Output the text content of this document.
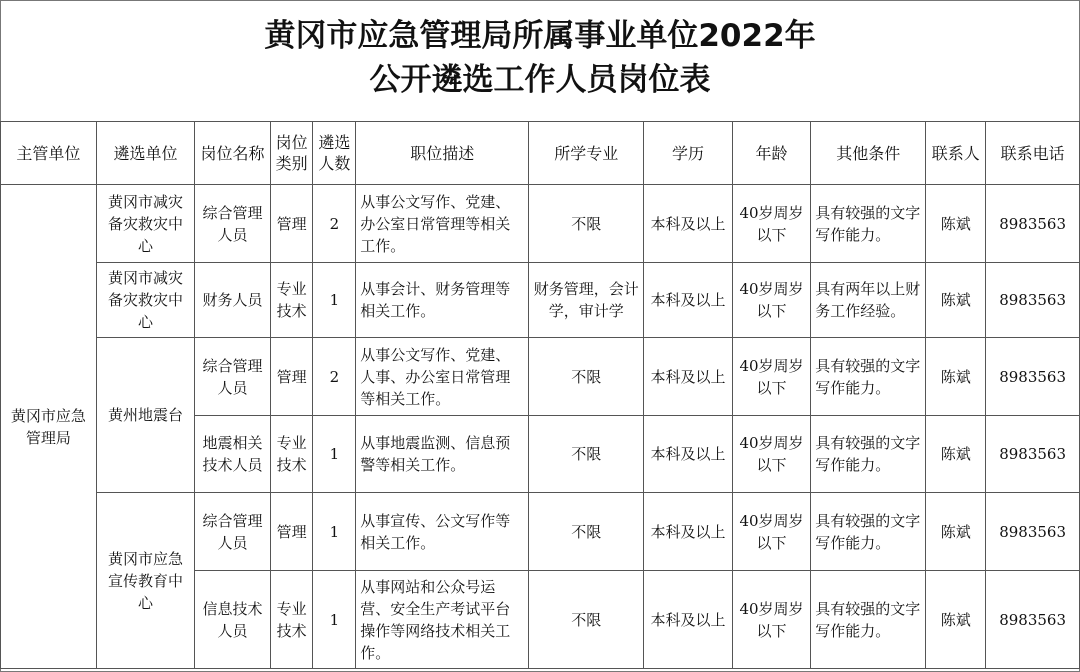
黄冈市应急管理局所属事业单位2022年
公开遴选工作人员岗位表
主管单位	遴选单位	岗位名称	岗位类别	遴选人数	职位描述	所学专业	学历	年龄	其他条件	联系人	联系电话
黄冈市应急管理局	黄冈市减灾备灾救灾中心	综合管理人员	管理	2	从事公文写作、党建、办公室日常管理等相关工作。	不限	本科及以上	40岁周岁以下	具有较强的文字写作能力。	陈斌	8983563
	黄冈市减灾备灾救灾中心	财务人员	专业技术	1	从事会计、财务管理等相关工作。	财务管理，会计学，审计学	本科及以上	40岁周岁以下	具有两年以上财务工作经验。	陈斌	8983563
	黄州地震台	综合管理人员	管理	2	从事公文写作、党建、人事、办公室日常管理等相关工作。	不限	本科及以上	40岁周岁以下	具有较强的文字写作能力。	陈斌	8983563
		地震相关技术人员	专业技术	1	从事地震监测、信息预警等相关工作。	不限	本科及以上	40岁周岁以下	具有较强的文字写作能力。	陈斌	8983563
	黄冈市应急宣传教育中心	综合管理人员	管理	1	从事宣传、公文写作等相关工作。	不限	本科及以上	40岁周岁以下	具有较强的文字写作能力。	陈斌	8983563
		信息技术人员	专业技术	1	从事网站和公众号运营、安全生产考试平台操作等网络技术相关工作。	不限	本科及以上	40岁周岁以下	具有较强的文字写作能力。	陈斌	8983563
